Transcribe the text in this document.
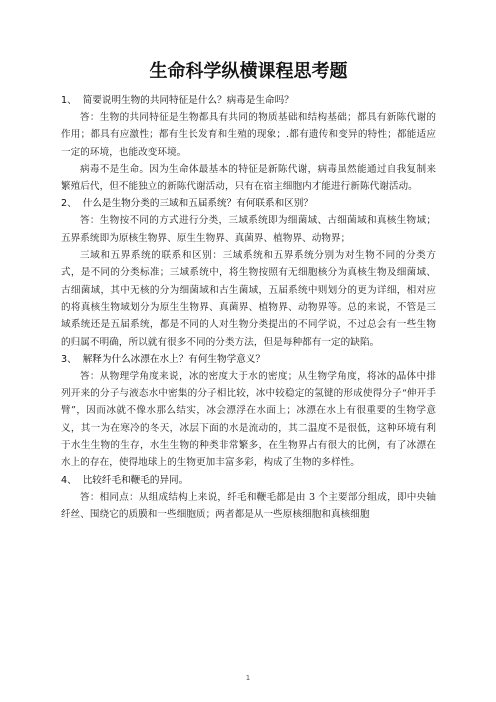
生命科学纵横课程思考题
1、 简要说明生物的共同特征是什么？病毒是生命吗？

答：生物的共同特征是生物都具有共同的物质基础和结构基础；都具有新陈代谢的作用；都具有应激性；都有生长发育和生殖的现象；.都有遗传和变异的特性；都能适应一定的环境，也能改变环境。

病毒不是生命。因为生命体最基本的特征是新陈代谢，病毒虽然能通过自我复制来繁殖后代，但不能独立的新陈代谢活动，只有在宿主细胞内才能进行新陈代谢活动。

2、 什么是生物分类的三域和五届系统？有何联系和区别？

答：生物按不同的方式进行分类，三域系统即为细菌域、古细菌域和真核生物域；五界系统即为原核生物界、原生生物界、真菌界、植物界、动物界；

三域和五界系统的联系和区别：三域系统和五界系统分别为对生物不同的分类方式，是不同的分类标准；三域系统中，将生物按照有无细胞核分为真核生物及细菌域、古细菌域，其中无核的分为细菌域和古生菌域，五届系统中则划分的更为详细，相对应的将真核生物域划分为原生生物界、真菌界、植物界、动物界等。总的来说，不管是三域系统还是五届系统，都是不同的人对生物分类提出的不同学说，不过总会有一些生物的归属不明确，所以就有很多不同的分类方法，但是每种都有一定的缺陷。

3、 解释为什么冰漂在水上？有何生物学意义？

答：从物理学角度来说，冰的密度大于水的密度；从生物学角度，将冰的晶体中排列开来的分子与液态水中密集的分子相比较，冰中较稳定的氢键的形成使得分子“伸开手臂”，因而冰就不像水那么结实，冰会漂浮在水面上；冰漂在水上有很重要的生物学意义，其一为在寒冷的冬天，冰层下面的水是流动的，其二温度不是很低，这种环境有利于水生生物的生存，水生生物的种类非常繁多，在生物界占有很大的比例，有了冰漂在水上的存在，使得地球上的生物更加丰富多彩，构成了生物的多样性。

4、 比较纤毛和鞭毛的异同。

答：相同点：从组成结构上来说，纤毛和鞭毛都是由 3 个主要部分组成，即中央轴纤丝、围绕它的质膜和一些细胞质；两者都是从一些原核细胞和真核细胞

1
